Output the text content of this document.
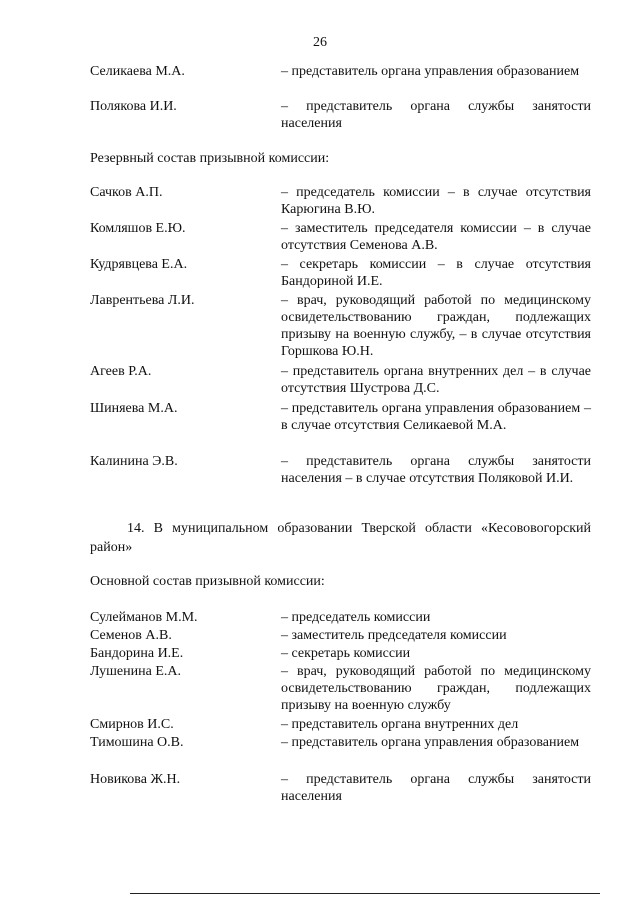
26
Селикаева М.А.	– представитель органа управления образованием
Полякова И.И.	– представитель органа службы занятости населения
Резервный состав призывной комиссии:
Сачков А.П.	– председатель комиссии – в случае отсутствия Карюгина В.Ю.
Комляшов Е.Ю.	– заместитель председателя комиссии – в случае отсутствия Семенова А.В.
Кудрявцева Е.А.	– секретарь комиссии – в случае отсутствия Бандориной И.Е.
Лаврентьева Л.И.	– врач, руководящий работой по медицинскому освидетельствованию граждан, подлежащих призыву на военную службу, – в случае отсутствия Горшкова Ю.Н.
Агеев Р.А.	– представитель органа внутренних дел – в случае отсутствия Шустрова Д.С.
Шиняева М.А.	– представитель органа управления образованием – в случае отсутствия Селикаевой М.А.
Калинина Э.В.	– представитель органа службы занятости населения – в случае отсутствия Поляковой И.И.
14. В муниципальном образовании Тверской области «Кесововогорский район»
Основной состав призывной комиссии:
Сулейманов М.М.	– председатель комиссии
Семенов А.В.	– заместитель председателя комиссии
Бандорина И.Е.	– секретарь комиссии
Лушенина Е.А.	– врач, руководящий работой по медицинскому освидетельствованию граждан, подлежащих призыву на военную службу
Смирнов И.С.	– представитель органа внутренних дел
Тимошина О.В.	– представитель органа управления образованием
Новикова Ж.Н.	– представитель органа службы занятости населения
